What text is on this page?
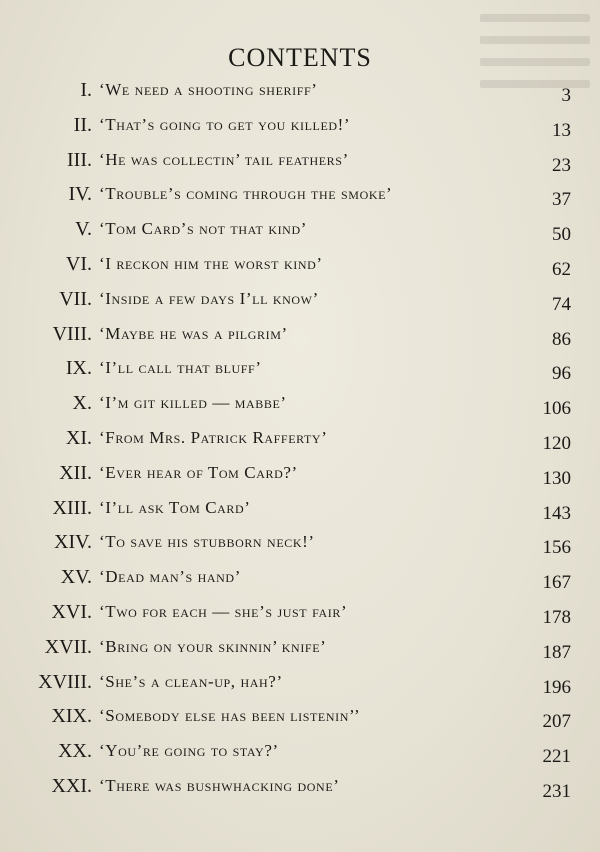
CONTENTS
I. ‘We need a shooting sheriff’	3
II. ‘That’s going to get you killed!’	13
III. ‘He was collectin’ tail feathers’	23
IV. ‘Trouble’s coming through the smoke’	37
V. ‘Tom Card’s not that kind’	50
VI. ‘I reckon him the worst kind’	62
VII. ‘Inside a few days I’ll know’	74
VIII. ‘Maybe he was a pilgrim’	86
IX. ‘I’ll call that bluff’	96
X. ‘I’m git killed — mabbe’	106
XI. ‘From Mrs. Patrick Rafferty’	120
XII. ‘Ever hear of Tom Card?’	130
XIII. ‘I’ll ask Tom Card’	143
XIV. ‘To save his stubborn neck!’	156
XV. ‘Dead man’s hand’	167
XVI. ‘Two for each — she’s just fair’	178
XVII. ‘Bring on your skinnin’ knife’	187
XVIII. ‘She’s a clean-up, hah?’	196
XIX. ‘Somebody else has been listenin’’	207
XX. ‘You’re going to stay?’	221
XXI. ‘There was bushwhacking done’	231
